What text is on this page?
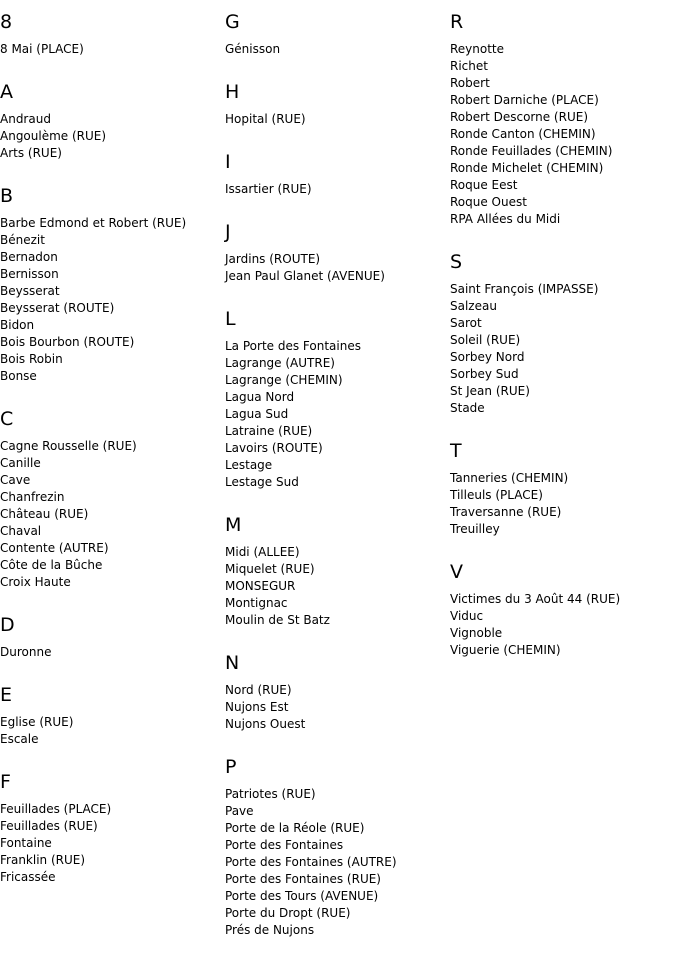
8
8 Mai (PLACE)
A
Andraud
Angoulème (RUE)
Arts (RUE)
B
Barbe Edmond et Robert (RUE)
Bénezit
Bernadon
Bernisson
Beysserat
Beysserat (ROUTE)
Bidon
Bois Bourbon (ROUTE)
Bois Robin
Bonse
C
Cagne Rousselle (RUE)
Canille
Cave
Chanfrezin
Château (RUE)
Chaval
Contente (AUTRE)
Côte de la Bûche
Croix Haute
D
Duronne
E
Eglise (RUE)
Escale
F
Feuillades (PLACE)
Feuillades (RUE)
Fontaine
Franklin (RUE)
Fricassée
G
Génisson
H
Hopital (RUE)
I
Issartier (RUE)
J
Jardins (ROUTE)
Jean Paul Glanet (AVENUE)
L
La Porte des Fontaines
Lagrange (AUTRE)
Lagrange (CHEMIN)
Lagua Nord
Lagua Sud
Latraine (RUE)
Lavoirs (ROUTE)
Lestage
Lestage Sud
M
Midi (ALLEE)
Miquelet (RUE)
MONSEGUR
Montignac
Moulin de St Batz
N
Nord (RUE)
Nujons Est
Nujons Ouest
P
Patriotes (RUE)
Pave
Porte de la Réole (RUE)
Porte des Fontaines
Porte des Fontaines (AUTRE)
Porte des Fontaines (RUE)
Porte des Tours (AVENUE)
Porte du Dropt (RUE)
Prés de Nujons
R
Reynotte
Richet
Robert
Robert Darniche (PLACE)
Robert Descorne (RUE)
Ronde Canton (CHEMIN)
Ronde Feuillades (CHEMIN)
Ronde Michelet (CHEMIN)
Roque Eest
Roque Ouest
RPA Allées du Midi
S
Saint François (IMPASSE)
Salzeau
Sarot
Soleil (RUE)
Sorbey Nord
Sorbey Sud
St Jean (RUE)
Stade
T
Tanneries (CHEMIN)
Tilleuls (PLACE)
Traversanne (RUE)
Treuilley
V
Victimes du 3 Août 44 (RUE)
Viduc
Vignoble
Viguerie (CHEMIN)
